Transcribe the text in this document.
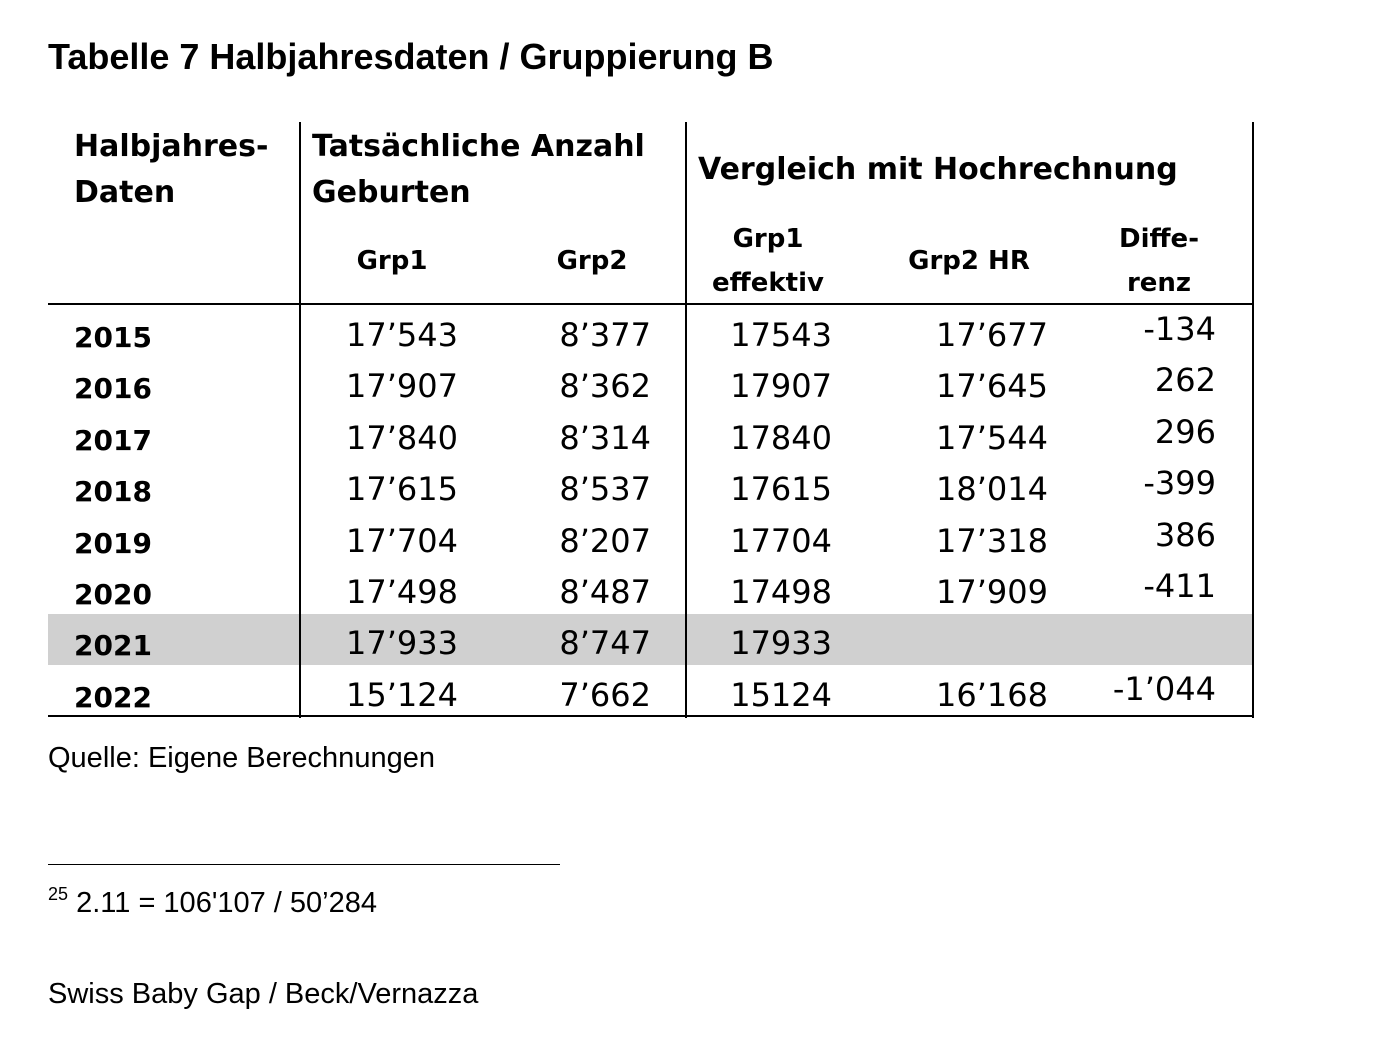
Tabelle 7 Halbjahresdaten / Gruppierung B
Halbjahres-
Daten
Tatsächliche Anzahl
Geburten
Vergleich mit Hochrechnung
Grp1	Grp2
Grp1
effektiv
Grp2 HR
Diffe-
renz
2015	17’543	8’377	17543	17’677	-134
2016	17’907	8’362	17907	17’645	262
2017	17’840	8’314	17840	17’544	296
2018	17’615	8’537	17615	18’014	-399
2019	17’704	8’207	17704	17’318	386
2020	17’498	8’487	17498	17’909	-411
2021	17’933	8’747	17933
2022	15’124	7’662	15124	16’168	-1’044
Quelle: Eigene Berechnungen
$^{25}$ 2.11 = 106'107 / 50’284
Swiss Baby Gap / Beck/Vernazza
